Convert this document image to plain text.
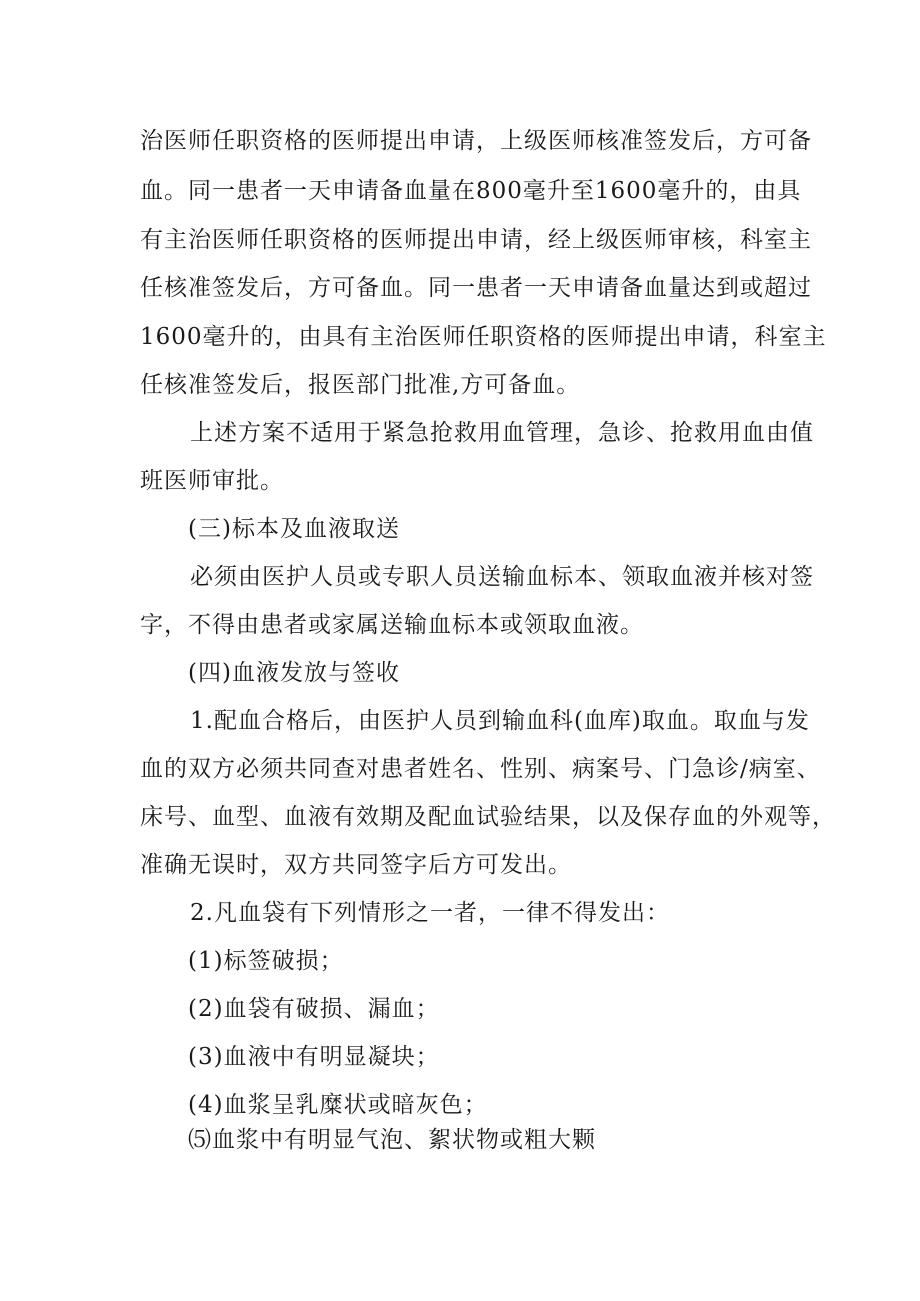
治医师任职资格的医师提出申请，上级医师核准签发后，方可备
血。同一患者一天申请备血量在800毫升至1600毫升的，由具
有主治医师任职资格的医师提出申请，经上级医师审核，科室主
任核准签发后，方可备血。同一患者一天申请备血量达到或超过
1600毫升的，由具有主治医师任职资格的医师提出申请，科室主
任核准签发后，报医部门批准,方可备血。
上述方案不适用于紧急抢救用血管理，急诊、抢救用血由值
班医师审批。
(三)标本及血液取送
必须由医护人员或专职人员送输血标本、领取血液并核对签
字，不得由患者或家属送输血标本或领取血液。
(四)血液发放与签收
1.配血合格后，由医护人员到输血科(血库)取血。取血与发
血的双方必须共同查对患者姓名、性别、病案号、门急诊/病室、
床号、血型、血液有效期及配血试验结果，以及保存血的外观等，
准确无误时，双方共同签字后方可发出。
2.凡血袋有下列情形之一者，一律不得发出：
(1)标签破损；
(2)血袋有破损、漏血；
(3)血液中有明显凝块；
(4)血浆呈乳糜状或暗灰色；
⑸血浆中有明显气泡、絮状物或粗大颗
